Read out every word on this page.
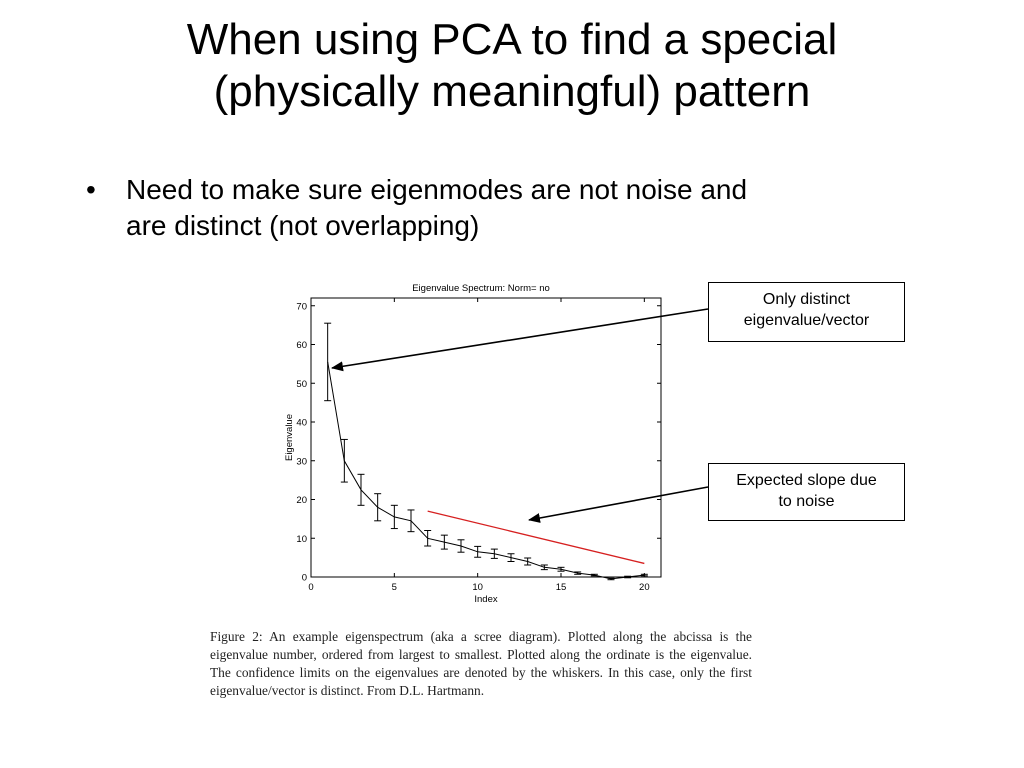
When using PCA to find a special
(physically meaningful) pattern
• Need to make sure eigenmodes are not noise and
are distinct (not overlapping)
Eigenvalue Spectrum: Norm= no
Index
Eigenvalue
0
10
20
30
40
50
60
70
0	5	10	15	20
Only distinct
eigenvalue/vector
Expected slope due
to noise

Figure 2: An example eigenspectrum (aka a scree diagram). Plotted along the abcissa is the eigenvalue number, ordered from largest to smallest. Plotted along the ordinate is the eigenvalue. The confidence limits on the eigenvalues are denoted by the whiskers. In this case, only the first eigenvalue/vector is distinct. From D.L. Hartmann.
